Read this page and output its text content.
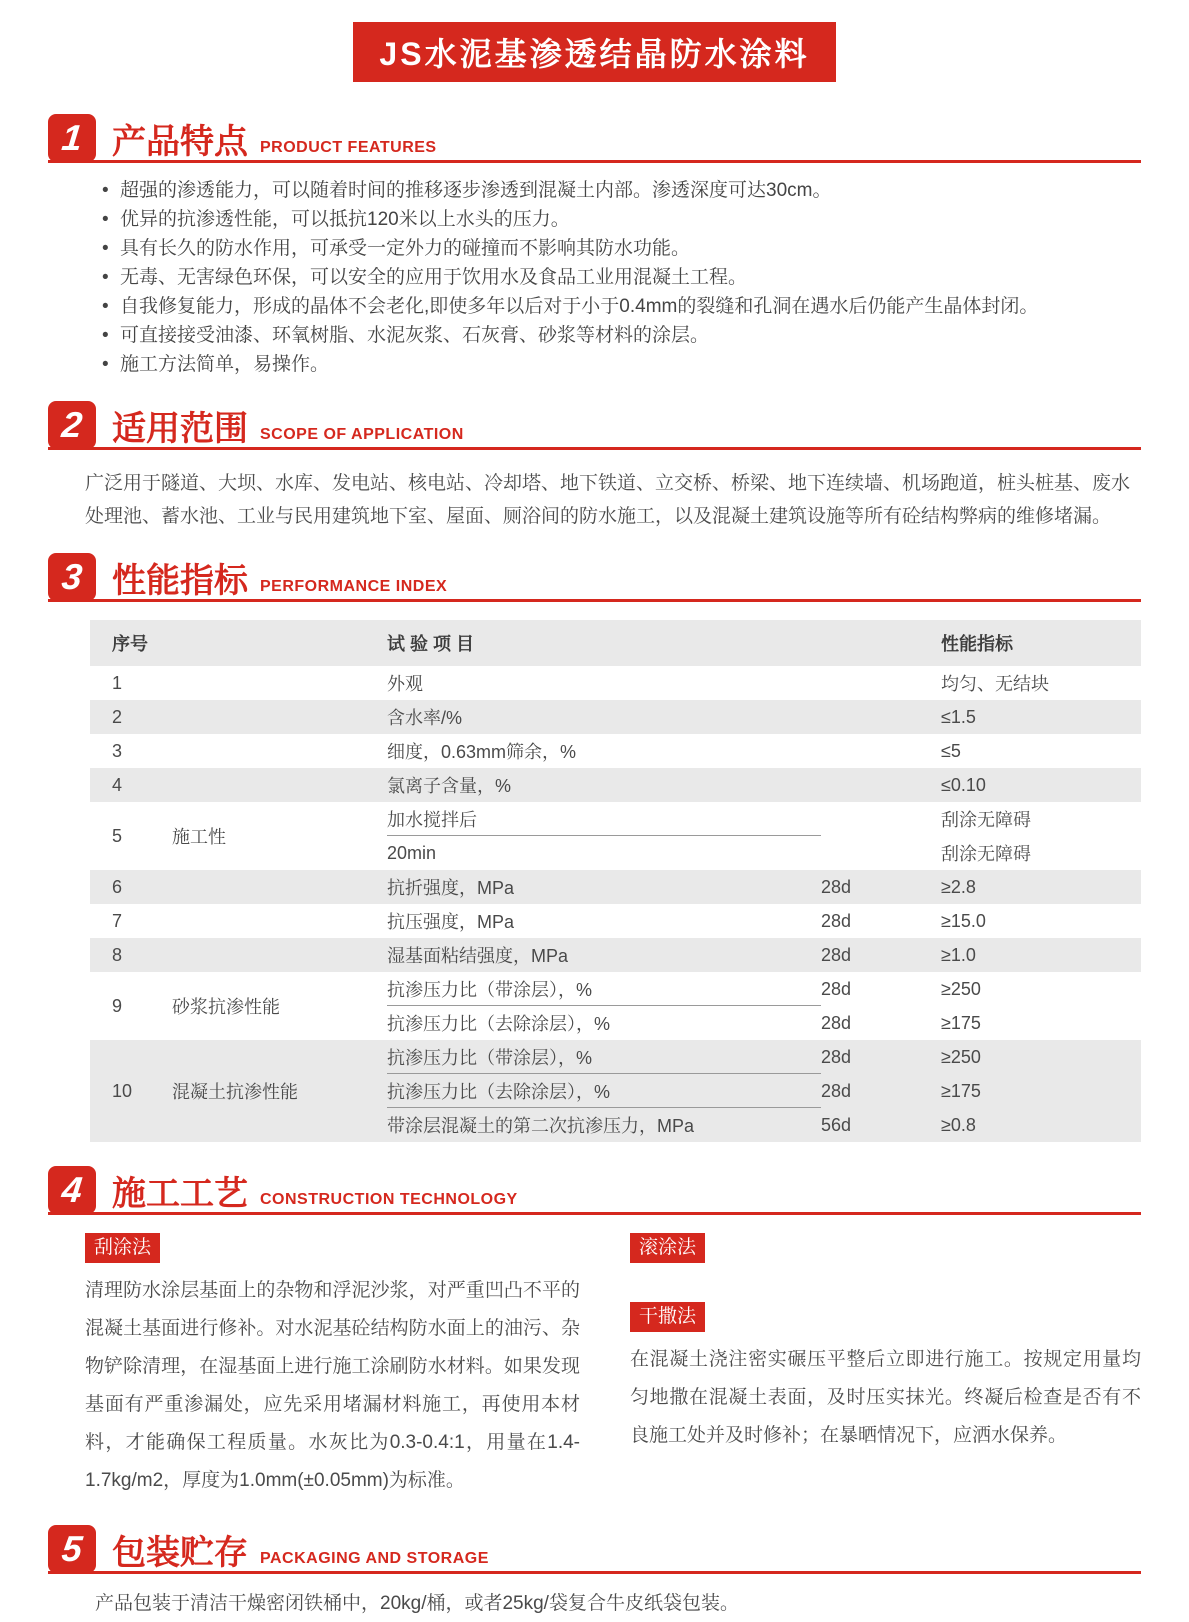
JS水泥基渗透结晶防水涂料
1 产品特点 PRODUCT FEATURES
• 超强的渗透能力，可以随着时间的推移逐步渗透到混凝土内部。渗透深度可达30cm。
• 优异的抗渗透性能，可以抵抗120米以上水头的压力。
• 具有长久的防水作用，可承受一定外力的碰撞而不影响其防水功能。
• 无毒、无害绿色环保，可以安全的应用于饮用水及食品工业用混凝土工程。
• 自我修复能力，形成的晶体不会老化,即使多年以后对于小于0.4mm的裂缝和孔洞在遇水后仍能产生晶体封闭。
• 可直接接受油漆、环氧树脂、水泥灰浆、石灰膏、砂浆等材料的涂层。
• 施工方法简单，易操作。
2 适用范围 SCOPE OF APPLICATION
广泛用于隧道、大坝、水库、发电站、核电站、冷却塔、地下铁道、立交桥、桥梁、地下连续墙、机场跑道，桩头桩基、废水处理池、蓄水池、工业与民用建筑地下室、屋面、厕浴间的防水施工，以及混凝土建筑设施等所有砼结构弊病的维修堵漏。
3 性能指标 PERFORMANCE INDEX
序号	试验项目	性能指标
1	外观	均匀、无结块
2	含水率/%	≤1.5
3	细度，0.63mm筛余，%	≤5
4	氯离子含量，%	≤0.10
5	施工性
加水搅拌后	刮涂无障碍
20min	刮涂无障碍
6	抗折强度，MPa	28d	≥2.8
7	抗压强度，MPa	28d	≥15.0
8	湿基面粘结强度，MPa	28d	≥1.0
9	砂浆抗渗性能
抗渗压力比（带涂层），%	28d	≥250
抗渗压力比（去除涂层），%	28d	≥175
10	混凝土抗渗性能
抗渗压力比（带涂层），%	28d	≥250
抗渗压力比（去除涂层），%	28d	≥175
带涂层混凝土的第二次抗渗压力，MPa	56d	≥0.8
4 施工工艺 CONSTRUCTION TECHNOLOGY
刮涂法
清理防水涂层基面上的杂物和浮泥沙浆，对严重凹凸不平的混凝土基面进行修补。对水泥基砼结构防水面上的油污、杂物铲除清理，在湿基面上进行施工涂刷防水材料。如果发现基面有严重渗漏处，应先采用堵漏材料施工，再使用本材料，才能确保工程质量。水灰比为0.3-0.4:1，用量在1.4-1.7kg/m2，厚度为1.0mm(±0.05mm)为标准。
滚涂法
干撒法
在混凝土浇注密实碾压平整后立即进行施工。按规定用量均匀地撒在混凝土表面，及时压实抹光。终凝后检查是否有不良施工处并及时修补；在暴晒情况下，应洒水保养。
5 包装贮存 PACKAGING AND STORAGE
产品包装于清洁干燥密闭铁桶中，20kg/桶，或者25kg/袋复合牛皮纸袋包装。
